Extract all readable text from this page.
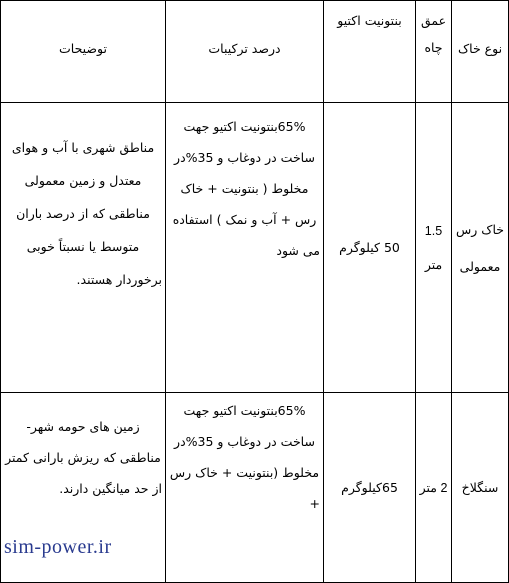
نوع خاک	عمق چاه	بنتونیت اکتیو	درصد ترکیبات	توضیحات
خاک رس معمولی	1.5 متر	50 کیلوگرم	65%بنتونیت اکتیو جهت ساخت در دوغاب و 35%در مخلوط ( بنتونیت + خاک رس + آب و نمک ) استفاده می شود	مناطق شهری با آب و هوای معتدل و زمین معمولی مناطقی که از درصد باران متوسط یا نسبتاً خوبی برخوردار هستند.
سنگلاخ	2 متر	65کیلوگرم	65%بنتونیت اکتیو جهت ساخت در دوغاب و 35%در مخلوط (بنتونیت + خاک رس +	زمین های حومه شهر- مناطقی که ریزش بارانی کمتر از حد میانگین دارند.
sim-power.ir
